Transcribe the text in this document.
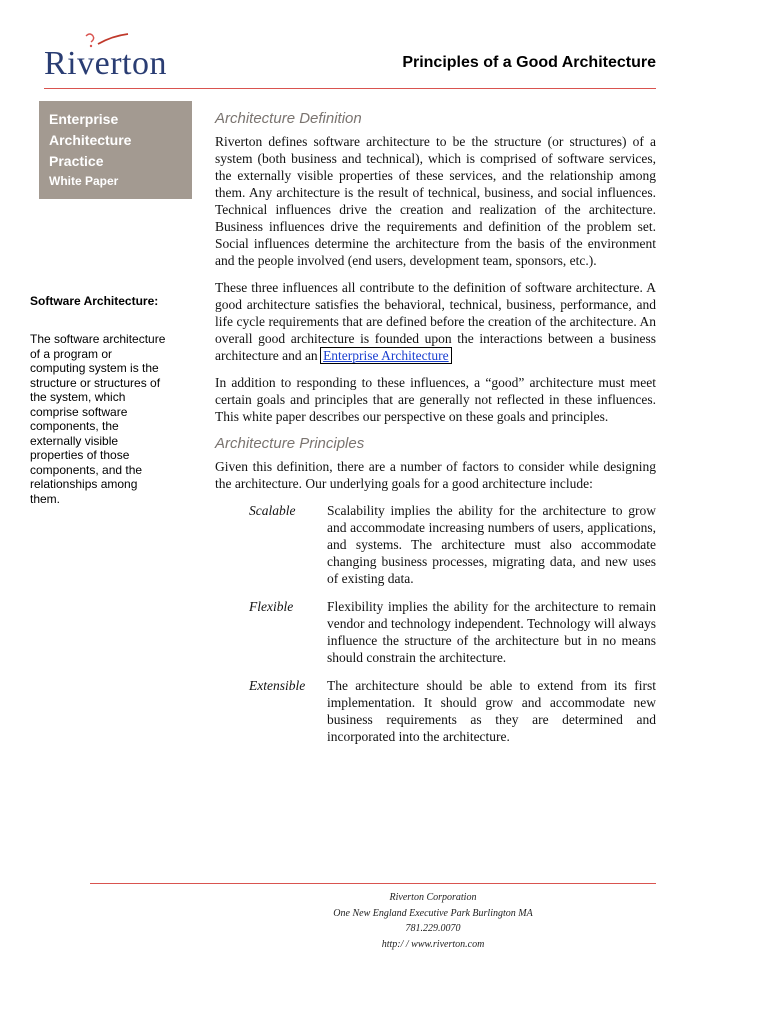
Riverton	Principles of a Good Architecture
Enterprise
Architecture
Practice
White Paper
Software Architecture:
The software architecture of a program or computing system is the structure or structures of the system, which comprise software components, the externally visible properties of those components, and the relationships among them.
Architecture Definition

Riverton defines software architecture to be the structure (or structures) of a system (both business and technical), which is comprised of software services, the externally visible properties of these services, and the relationship among them. Any architecture is the result of technical, business, and social influences. Technical influences drive the creation and realization of the architecture. Business influences drive the requirements and definition of the problem set. Social influences determine the architecture from the basis of the environment and the people involved (end users, development team, sponsors, etc.).

These three influences all contribute to the definition of software architecture. A good architecture satisfies the behavioral, technical, business, performance, and life cycle requirements that are defined before the creation of the architecture. An overall good architecture is founded upon the interactions between a business architecture and an Enterprise Architecture

In addition to responding to these influences, a “good” architecture must meet certain goals and principles that are generally not reflected in these influences. This white paper describes our perspective on these goals and principles.

Architecture Principles

Given this definition, there are a number of factors to consider while designing the architecture. Our underlying goals for a good architecture include:

Scalable	Scalability implies the ability for the architecture to grow and accommodate increasing numbers of users, applications, and systems. The architecture must also accommodate changing business processes, migrating data, and new uses of existing data.
Flexible	Flexibility implies the ability for the architecture to remain vendor and technology independent. Technology will always influence the structure of the architecture but in no means should constrain the architecture.
Extensible	The architecture should be able to extend from its first implementation. It should grow and accommodate new business requirements as they are determined and incorporated into the architecture.
Riverton Corporation
One New England Executive Park Burlington MA
781.229.0070
http:/ / www.riverton.com
